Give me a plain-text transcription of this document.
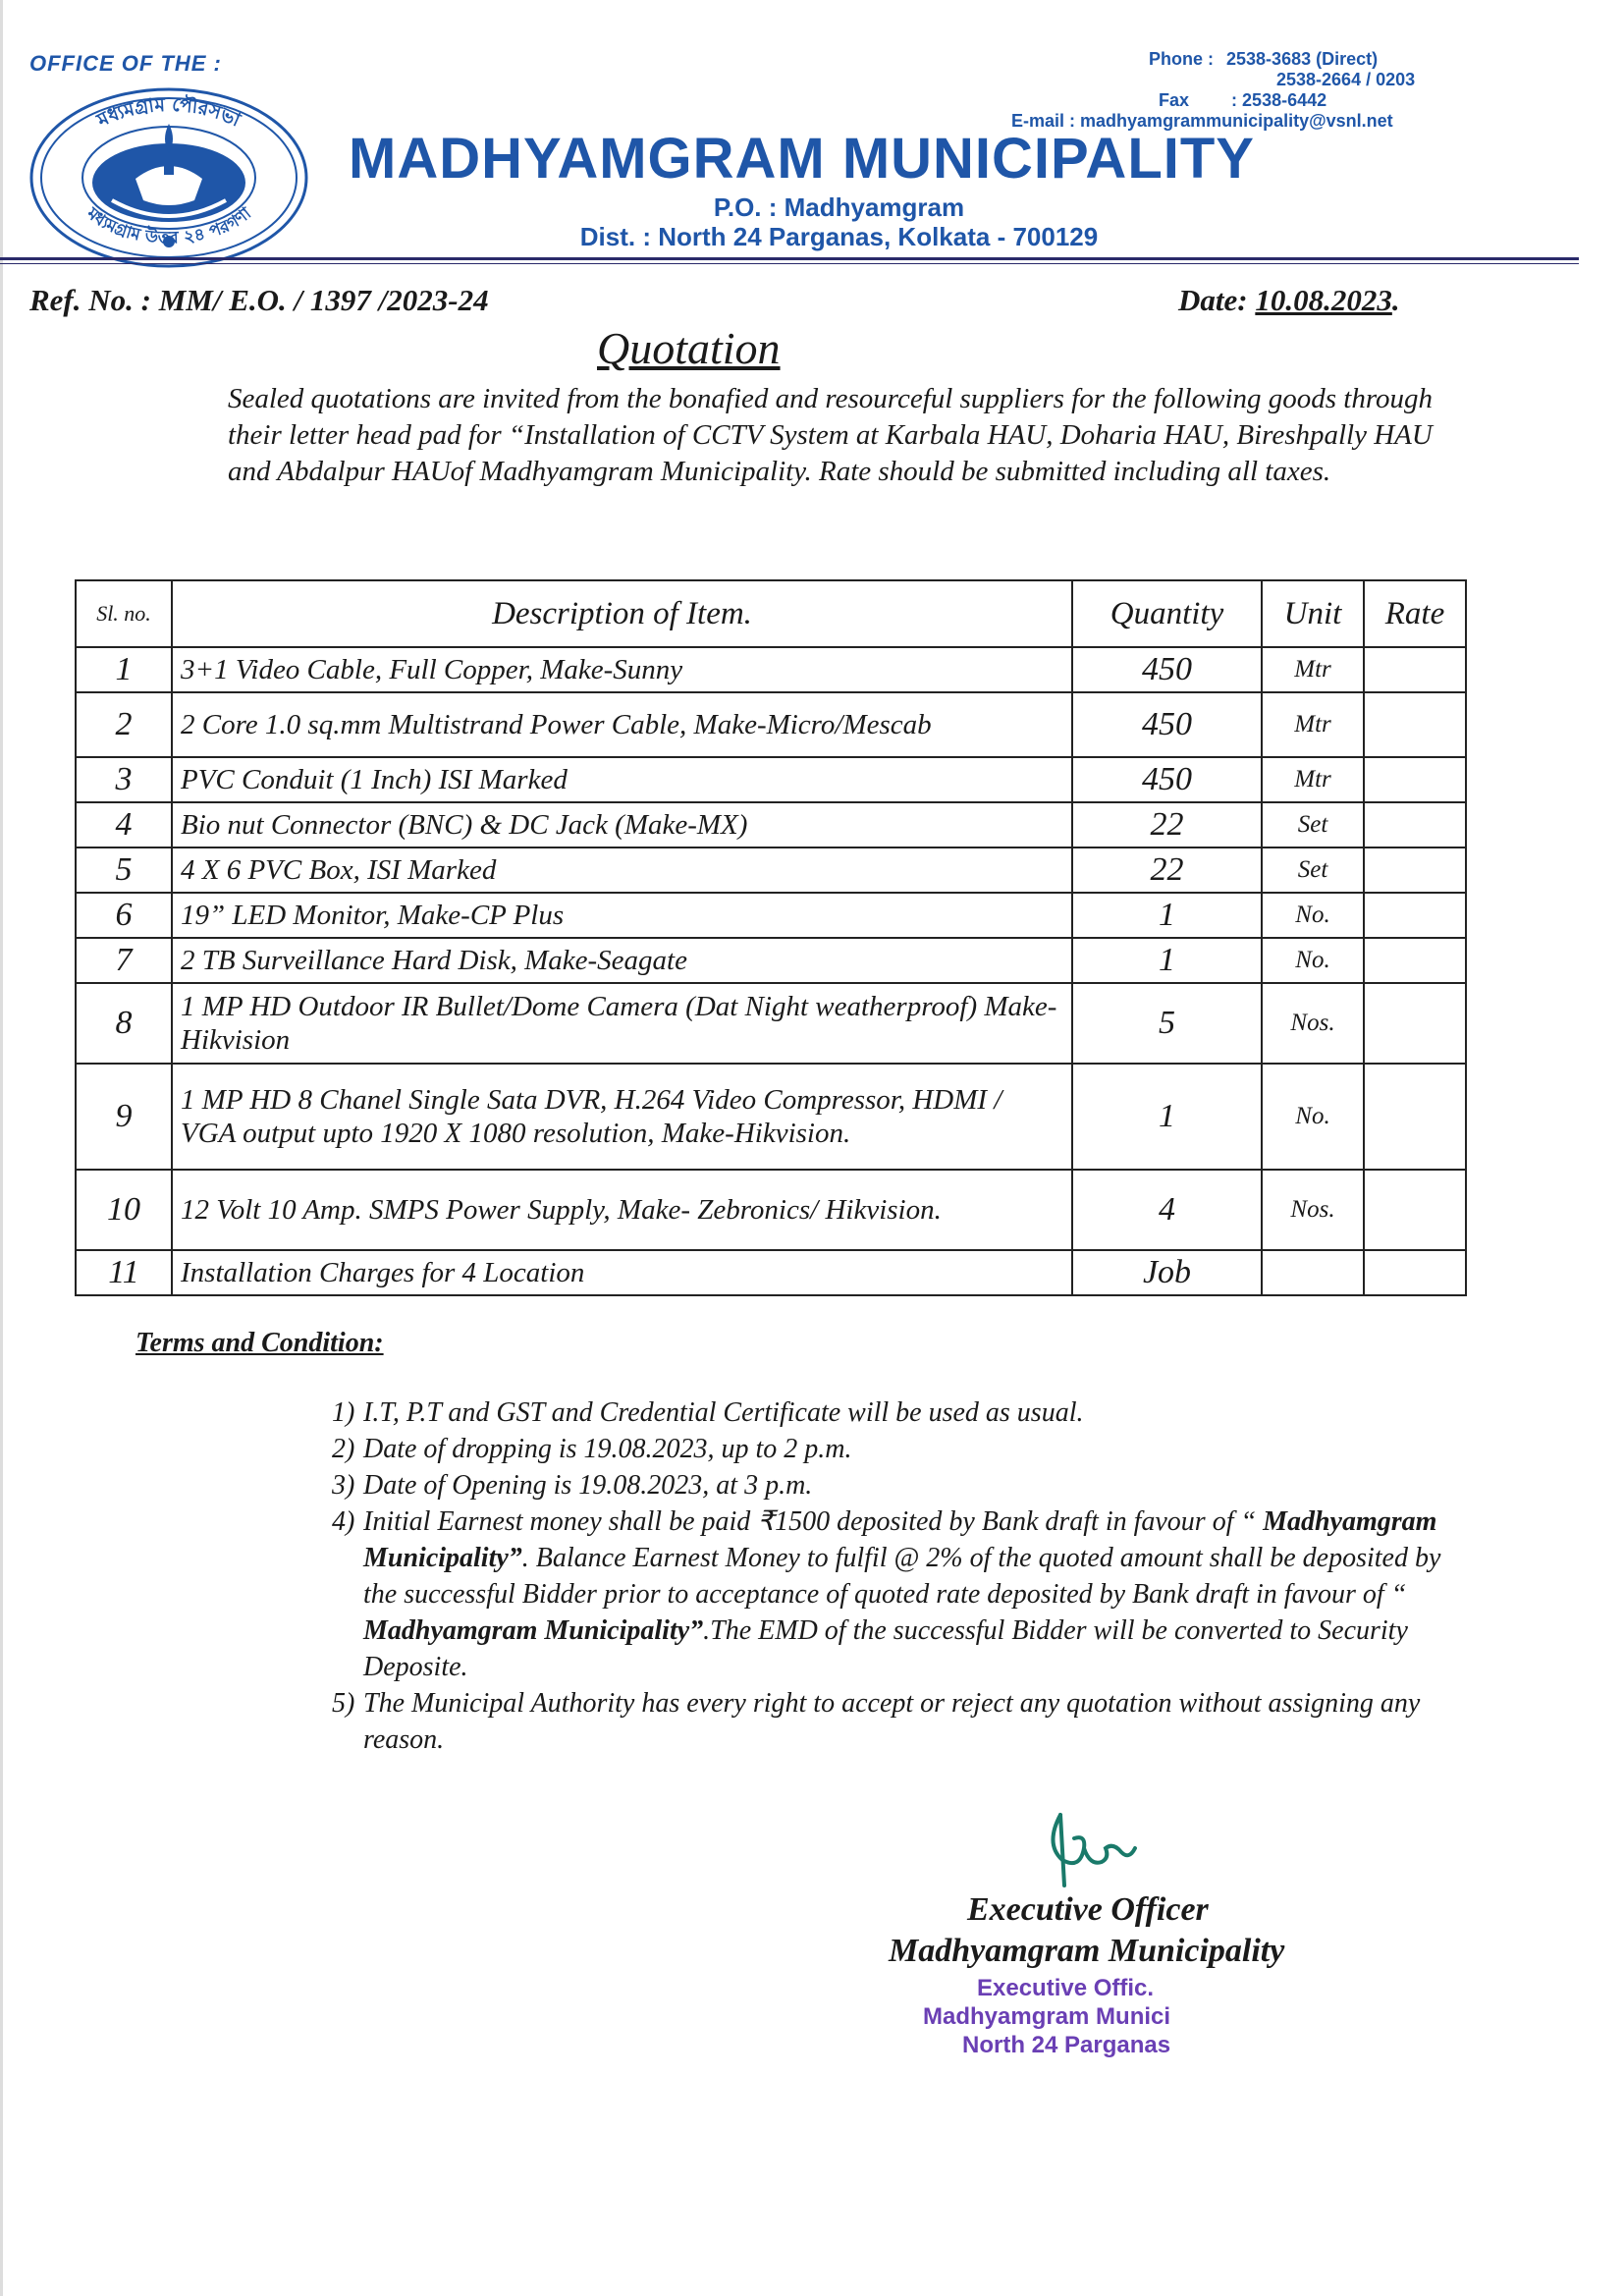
OFFICE OF THE :
মধ্যমগ্রাম পৌরসভা
মধ্যমগ্রাম উত্তর ২৪ পরগণা
Phone : 2538-3683 (Direct)
2538-2664 / 0203
Fax : 2538-6442
E-mail : madhyamgrammunicipality@vsnl.net
MADHYAMGRAM MUNICIPALITY
P.O. : Madhyamgram
Dist. : North 24 Parganas, Kolkata - 700129
Ref. No. : MM/ E.O. / 1397 /2023-24	Date: 10.08.2023.
Quotation
Sealed quotations are invited from the bonafied and resourceful suppliers for the following goods through their letter head pad for “Installation of CCTV System at Karbala HAU, Doharia HAU, Bireshpally HAU and Abdalpur HAUof Madhyamgram Municipality. Rate should be submitted including all taxes.
Sl. no.	Description of Item.	Quantity	Unit	Rate
1	3+1 Video Cable, Full Copper, Make-Sunny	450	Mtr	
2	2 Core 1.0 sq.mm Multistrand Power Cable, Make-Micro/Mescab	450	Mtr	
3	PVC Conduit (1 Inch) ISI Marked	450	Mtr	
4	Bio nut Connector (BNC) & DC Jack (Make-MX)	22	Set	
5	4 X 6 PVC Box, ISI Marked	22	Set	
6	19” LED Monitor, Make-CP Plus	1	No.	
7	2 TB Surveillance Hard Disk, Make-Seagate	1	No.	
8	1 MP HD Outdoor IR Bullet/Dome Camera (Dat Night weatherproof) Make- Hikvision	5	Nos.	
9	1 MP HD 8 Chanel Single Sata DVR, H.264 Video Compressor, HDMI / VGA output upto 1920 X 1080 resolution, Make-Hikvision.	1	No.	
10	12 Volt 10 Amp. SMPS Power Supply, Make- Zebronics/ Hikvision.	4	Nos.	
11	Installation Charges for 4 Location	Job		
Terms and Condition:
1) I.T, P.T and GST and Credential Certificate will be used as usual.
2) Date of dropping is 19.08.2023, up to 2 p.m.
3) Date of Opening is 19.08.2023, at 3 p.m.
4) Initial Earnest money shall be paid ₹1500 deposited by Bank draft in favour of “ Madhyamgram Municipality”. Balance Earnest Money to fulfil @ 2% of the quoted amount shall be deposited by the successful Bidder prior to acceptance of quoted rate deposited by Bank draft in favour of “ Madhyamgram Municipality”.The EMD of the successful Bidder will be converted to Security Deposite.
5) The Municipal Authority has every right to accept or reject any quotation without assigning any reason.
Executive Officer
Madhyamgram Municipality
Executive Offic.
Madhyamgram Munici
North 24 Parganas
